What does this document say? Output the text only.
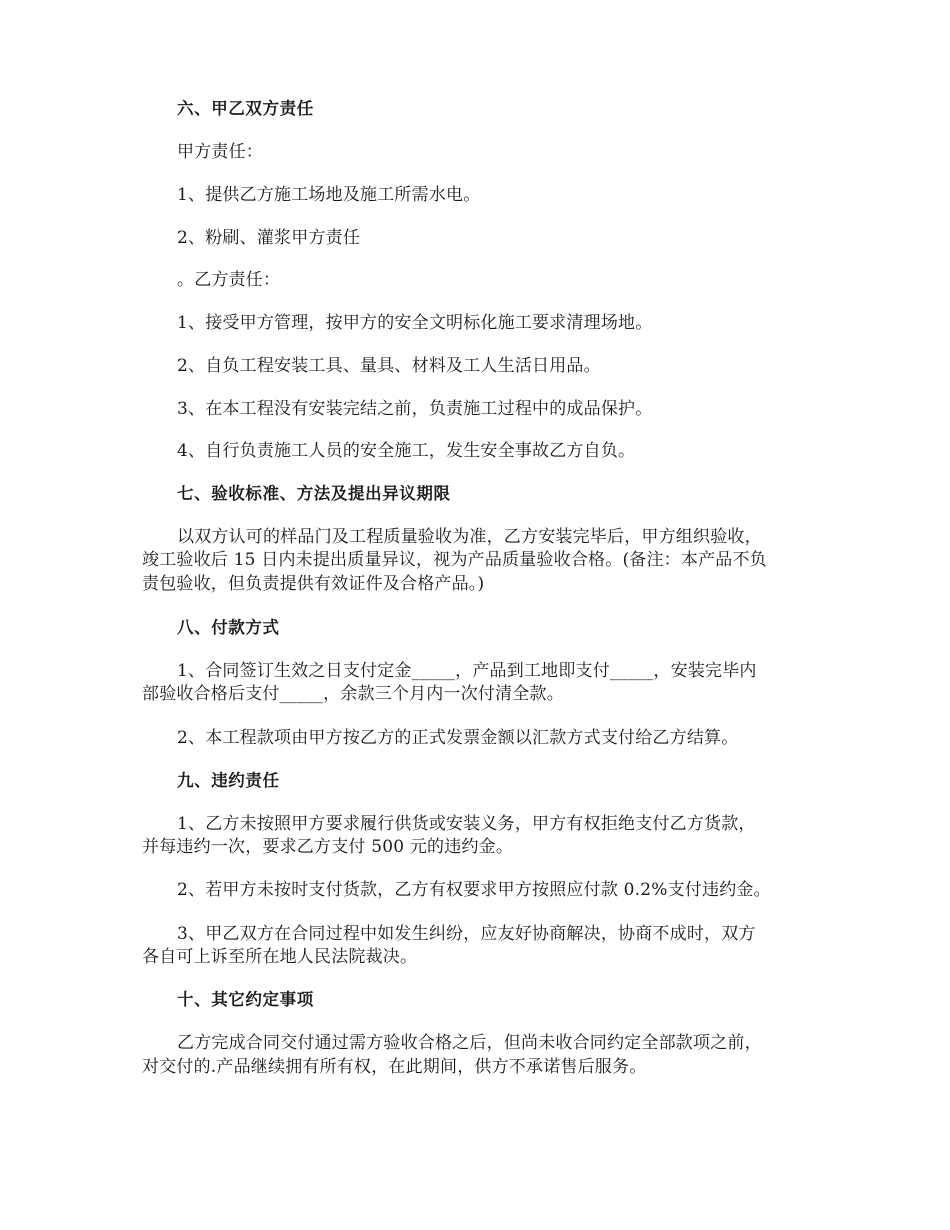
六、甲乙双方责任

甲方责任：

1、提供乙方施工场地及施工所需水电。

2、粉刷、灌浆甲方责任

。乙方责任：

1、接受甲方管理，按甲方的安全文明标化施工要求清理场地。

2、自负工程安装工具、量具、材料及工人生活日用品。

3、在本工程没有安装完结之前，负责施工过程中的成品保护。

4、自行负责施工人员的安全施工，发生安全事故乙方自负。

七、验收标准、方法及提出异议期限

以双方认可的样品门及工程质量验收为准，乙方安装完毕后，甲方组织验收，

竣工验收后 15 日内未提出质量异议，视为产品质量验收合格。(备注：本产品不负

责包验收，但负责提供有效证件及合格产品。)

八、付款方式

1、合同签订生效之日支付定金_____，产品到工地即支付_____，安装完毕内

部验收合格后支付_____，余款三个月内一次付清全款。

2、本工程款项由甲方按乙方的正式发票金额以汇款方式支付给乙方结算。

九、违约责任

1、乙方未按照甲方要求履行供货或安装义务，甲方有权拒绝支付乙方货款，

并每违约一次，要求乙方支付 500 元的违约金。

2、若甲方未按时支付货款，乙方有权要求甲方按照应付款 0.2%支付违约金。

3、甲乙双方在合同过程中如发生纠纷，应友好协商解决，协商不成时，双方

各自可上诉至所在地人民法院裁决。

十、其它约定事项

乙方完成合同交付通过需方验收合格之后，但尚未收合同约定全部款项之前，

对交付的.产品继续拥有所有权，在此期间，供方不承诺售后服务。
